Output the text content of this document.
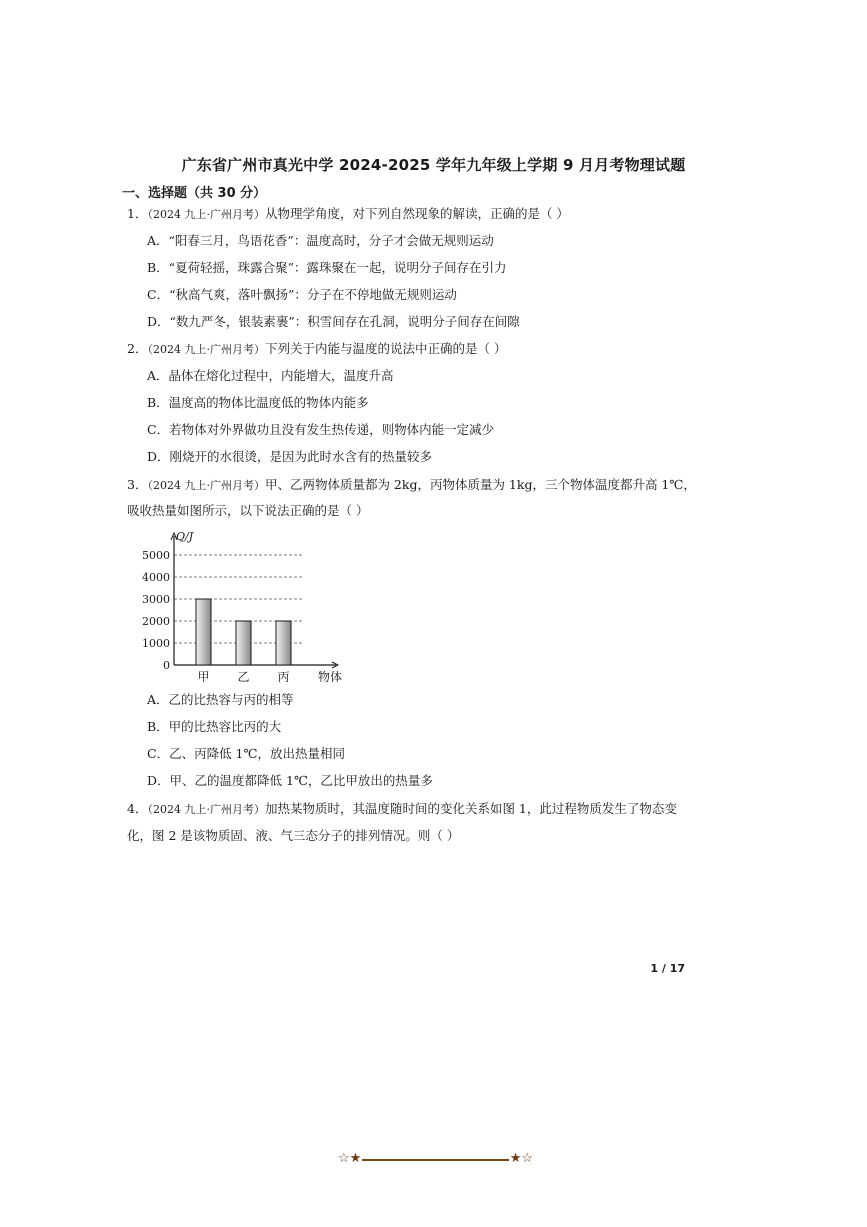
广东省广州市真光中学 2024-2025 学年九年级上学期 9 月月考物理试题
一、选择题（共 30 分）
1．（2024 九上·广州月考）从物理学角度，对下列自然现象的解读，正确的是（ ）
A．“阳春三月，鸟语花香”：温度高时，分子才会做无规则运动
B．“夏荷轻摇，珠露合聚”：露珠聚在一起，说明分子间存在引力
C．“秋高气爽，落叶飘扬”：分子在不停地做无规则运动
D．“数九严冬，银装素裹”：积雪间存在孔洞，说明分子间存在间隙
2．（2024 九上·广州月考）下列关于内能与温度的说法中正确的是（ ）
A．晶体在熔化过程中，内能增大，温度升高
B．温度高的物体比温度低的物体内能多
C．若物体对外界做功且没有发生热传递，则物体内能一定减少
D．刚烧开的水很烫，是因为此时水含有的热量较多
3．（2024 九上·广州月考）甲、乙两物体质量都为 2kg，丙物体质量为 1kg，三个物体温度都升高 1℃，
吸收热量如图所示，以下说法正确的是（ ）
1000
2000
3000
4000
5000
0
Q/J
甲 乙 丙 物体
A．乙的比热容与丙的相等
B．甲的比热容比丙的大
C．乙、丙降低 1℃，放出热量相同
D．甲、乙的温度都降低 1℃，乙比甲放出的热量多
4．（2024 九上·广州月考）加热某物质时，其温度随时间的变化关系如图 1，此过程物质发生了物态变
化，图 2 是该物质固、液、气三态分子的排列情况。则（ ）
1 / 17
☆★	★☆
